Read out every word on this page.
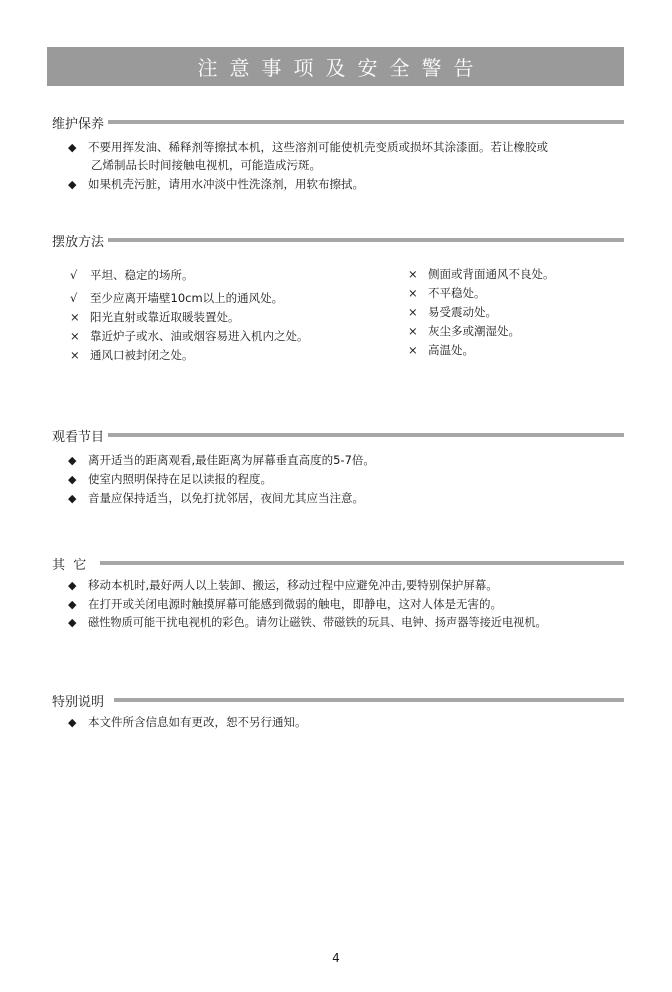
注意事项及安全警告
维护保养
◆ 不要用挥发油、稀释剂等擦拭本机，这些溶剂可能使机壳变质或损坏其涂漆面。若让橡胶或
乙烯制品长时间接触电视机，可能造成污斑。
◆ 如果机壳污脏，请用水冲淡中性洗涤剂，用软布擦拭。
摆放方法
√ 平坦、稳定的场所。
√ 至少应离开墙壁10cm以上的通风处。
× 阳光直射或靠近取暖装置处。
× 靠近炉子或水、油或烟容易进入机内之处。
× 通风口被封闭之处。
× 侧面或背面通风不良处。
× 不平稳处。
× 易受震动处。
× 灰尘多或潮湿处。
× 高温处。
观看节目
◆ 离开适当的距离观看,最佳距离为屏幕垂直高度的5-7倍。
◆ 使室内照明保持在足以读报的程度。
◆ 音量应保持适当，以免打扰邻居，夜间尤其应当注意。
其  它
◆ 移动本机时,最好两人以上装卸、搬运，移动过程中应避免冲击,要特别保护屏幕。
◆ 在打开或关闭电源时触摸屏幕可能感到微弱的触电，即静电，这对人体是无害的。
◆ 磁性物质可能干扰电视机的彩色。请勿让磁铁、带磁铁的玩具、电钟、扬声器等接近电视机。
特别说明
◆ 本文件所含信息如有更改，恕不另行通知。
4
